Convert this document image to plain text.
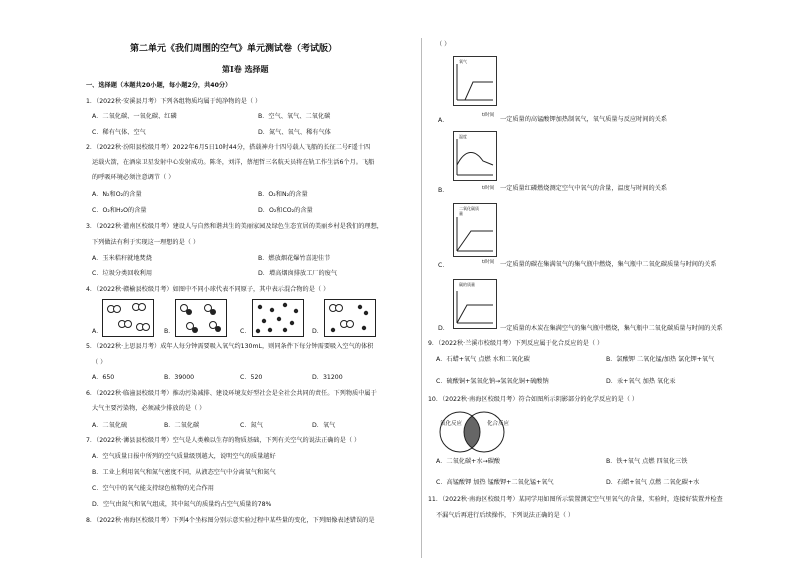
第二单元《我们周围的空气》单元测试卷（考试版）
第Ⅰ卷 选择题
一、选择题（本题共20小题，每小题2分，共40分）
1．（2022秋·安溪县月考）下列各组物质均属于纯净物的是（ ）
A．二氧化碳、一氧化碳、红磷	B．空气、氧气、二氧化碳
C．稀有气体、空气	D．氮气、氧气、稀有气体
2．（2022秋·汾阳县校级月考）2022年6月5日10时44分，搭载神舟十四号载人飞船的长征二号F遥十四
运载火箭，在酒泉卫星发射中心发射成功。陈冬，刘洋，蔡旭哲三名航天员将在轨工作生活6个月。飞船
的呼吸环境必须注意调节（ ）
A．N₂和O₂的含量	B．O₂和N₂的含量
C．O₂和H₂O的含量	D．O₂和CO₂的含量
3．（2022秋·灌南区校级月考）建设人与自然和谐共生的美丽家园及绿色生态宜居的美丽乡村是我们的理想，
下列做法有利于实现这一理想的是（ ）
A．玉米秸秆就地焚烧	B．燃放烟花爆竹喜迎佳节
C．垃圾分类回收利用	D．增高烟囱排放工厂的废气
4．（2022秋·赣榆县校级月考）如图中不同小球代表不同原子，其中表示混合物的是（ ）
A．	B．	C．	D．
5．（2022秋·上思县月考）成年人每分钟需要吸入氧气约130mL，则同条件下每分钟需要吸入空气的体积
（ ）
A．650	B．39000	C．520	D．31200
6．（2022秋·临潼县校级月考）推动污染减排、建设环境友好型社会是全社会共同的责任。下列物质中属于
大气主要污染物，必须减少排放的是（ ）
A．二氧化硫	B．二氧化碳	C．氮气	D．氧气
7．（2022秋·浉县县校级月考）空气是人类赖以生存的物质基础，下列有关空气的说法正确的是（ ）
A．空气质量日报中所列的空气质量级别越大，说明空气的质量越好
B．工业上利用氧气和氮气密度不同，从液态空气中分离氧气和氮气
C．空气中的氧气能支持绿色植物的光合作用
D．空气由氮气和氧气组成，其中氮气的质量约占空气质量的78%
8．（2022秋·南海区校级月考）下列4个坐标图分别示意实验过程中某些量的变化，下列图像表述错误的是
（ ）
氧气
A．
t/时间
一定质量的高锰酸钾加热制氧气，氧气质量与反应时间的关系
温度
B．	t/时间 一定质量红磷燃烧测定空气中氧气的含量，温度与时间的关系
二氧化碳质量
C．	t/时间 一定质量的碳在集满氧气的集气瓶中燃烧，集气瓶中二氧化碳质量与时间的关系
碳的质量
D．	一定质量的木炭在集满空气的集气瓶中燃烧，集气瓶中二氧化碳质量与时间的关系
9．（2022秋·兰溪市校级月考）下列反应属于化合反应的是（ ）
A．石蜡+氧气 点燃 水和二氧化碳	B．氯酸钾 二氧化锰/加热 氯化钾+氧气
C．硫酸铜+氢氧化钠→氢氧化铜+硫酸钠	D．汞+氧气 加热 氧化汞
10．（2022秋·南海区校级月考）符合如图所示阴影部分的化学反应的是（ ）
氧化反应	化合反应
A．二氧化碳+水→碳酸	B．铁+氧气 点燃 四氧化三铁
C．高锰酸钾 加热 锰酸钾+二氧化锰+氧气	D．石蜡+氧气 点燃 二氧化碳+水
11．（2022秋·南海区校级月考）某同学用如图所示装置测定空气里氧气的含量，实验时，连接好装置并检查
不漏气后再进行后续操作，下列说法正确的是（ ）
